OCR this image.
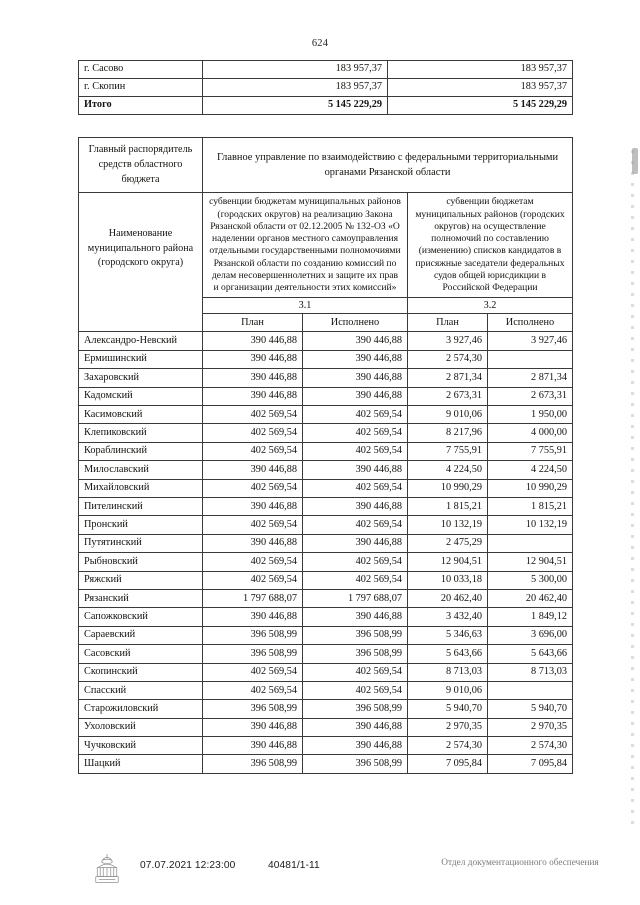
624
г. Сасово	183 957,37	183 957,37
г. Скопин	183 957,37	183 957,37
Итого	5 145 229,29	5 145 229,29
Главный распорядитель средств областного бюджета	Главное управление по взаимодействию с федеральными территориальными органами Рязанской области			
Наименование муниципального района (городского округа)	субвенции бюджетам муниципальных районов (городских округов) на реализацию Закона Рязанской области от 02.12.2005 № 132-ОЗ «О наделении органов местного самоуправления отдельными государственными полномочиями Рязанской области по созданию комиссий по делам несовершеннолетних и защите их прав и организации деятельности этих комиссий»	субвенции бюджетам муниципальных районов (городских округов) на осуществление полномочий по составлению (изменению) списков кандидатов в присяжные заседатели федеральных судов общей юрисдикции в Российской Федерации
	3.1		3.2	
	План	Исполнено	План	Исполнено
Александро-Невский	390 446,88	390 446,88	3 927,46	3 927,46
Ермишинский	390 446,88	390 446,88	2 574,30	
Захаровский	390 446,88	390 446,88	2 871,34	2 871,34
Кадомский	390 446,88	390 446,88	2 673,31	2 673,31
Касимовский	402 569,54	402 569,54	9 010,06	1 950,00
Клепиковский	402 569,54	402 569,54	8 217,96	4 000,00
Кораблинский	402 569,54	402 569,54	7 755,91	7 755,91
Милославский	390 446,88	390 446,88	4 224,50	4 224,50
Михайловский	402 569,54	402 569,54	10 990,29	10 990,29
Пителинский	390 446,88	390 446,88	1 815,21	1 815,21
Пронский	402 569,54	402 569,54	10 132,19	10 132,19
Путятинский	390 446,88	390 446,88	2 475,29	
Рыбновский	402 569,54	402 569,54	12 904,51	12 904,51
Ряжский	402 569,54	402 569,54	10 033,18	5 300,00
Рязанский	1 797 688,07	1 797 688,07	20 462,40	20 462,40
Сапожковский	390 446,88	390 446,88	3 432,40	1 849,12
Сараевский	396 508,99	396 508,99	5 346,63	3 696,00
Сасовский	396 508,99	396 508,99	5 643,66	5 643,66
Скопинский	402 569,54	402 569,54	8 713,03	8 713,03
Спасский	402 569,54	402 569,54	9 010,06	
Старожиловский	396 508,99	396 508,99	5 940,70	5 940,70
Ухоловский	390 446,88	390 446,88	2 970,35	2 970,35
Чучковский	390 446,88	390 446,88	2 574,30	2 574,30
Шацкий	396 508,99	396 508,99	7 095,84	7 095,84
07.07.2021 12:23:00	40481/1-11	Отдел документационного обеспечения
